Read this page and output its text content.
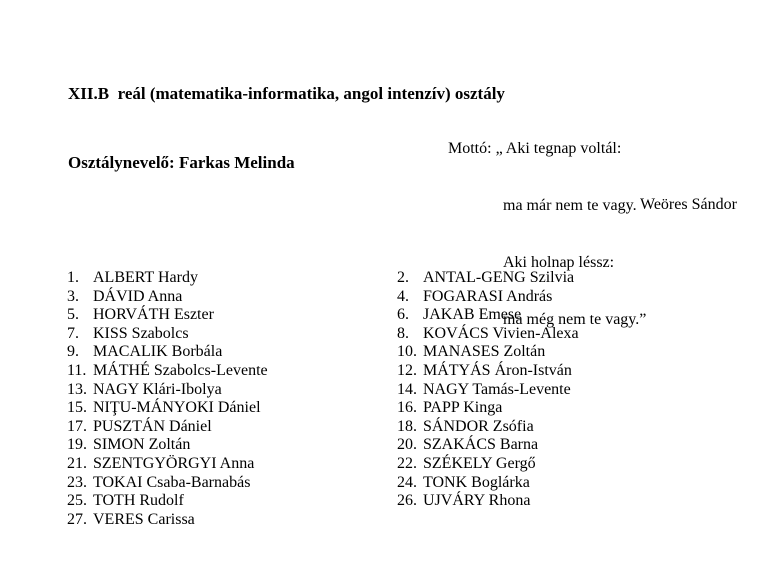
XII.B  reál (matematika-informatika, angol intenzív) osztály

Osztálynevelő: Farkas Melinda

Mottó: „ Aki tegnap voltál:

ma már nem te vagy.

Aki holnap léssz:

ma még nem te vagy.”

Weöres Sándor
1. ALBERT Hardy
3. DÁVID Anna
5. HORVÁTH Eszter
7. KISS Szabolcs
9. MACALIK Borbála
11. MÁTHÉ Szabolcs-Levente
13. NAGY Klári-Ibolya
15. NIŢU-MÁNYOKI Dániel
17. PUSZTÁN Dániel
19. SIMON Zoltán
21. SZENTGYÖRGYI Anna
23. TOKAI Csaba-Barnabás
25. TOTH Rudolf
27. VERES Carissa
2. ANTAL-GENG Szilvia
4. FOGARASI András
6. JAKAB Emese
8. KOVÁCS Vivien-Alexa
10. MANASES Zoltán
12. MÁTYÁS Áron-István
14. NAGY Tamás-Levente
16. PAPP Kinga
18. SÁNDOR Zsófia
20. SZAKÁCS Barna
22. SZÉKELY Gergő
24. TONK Boglárka
26. UJVÁRY Rhona
